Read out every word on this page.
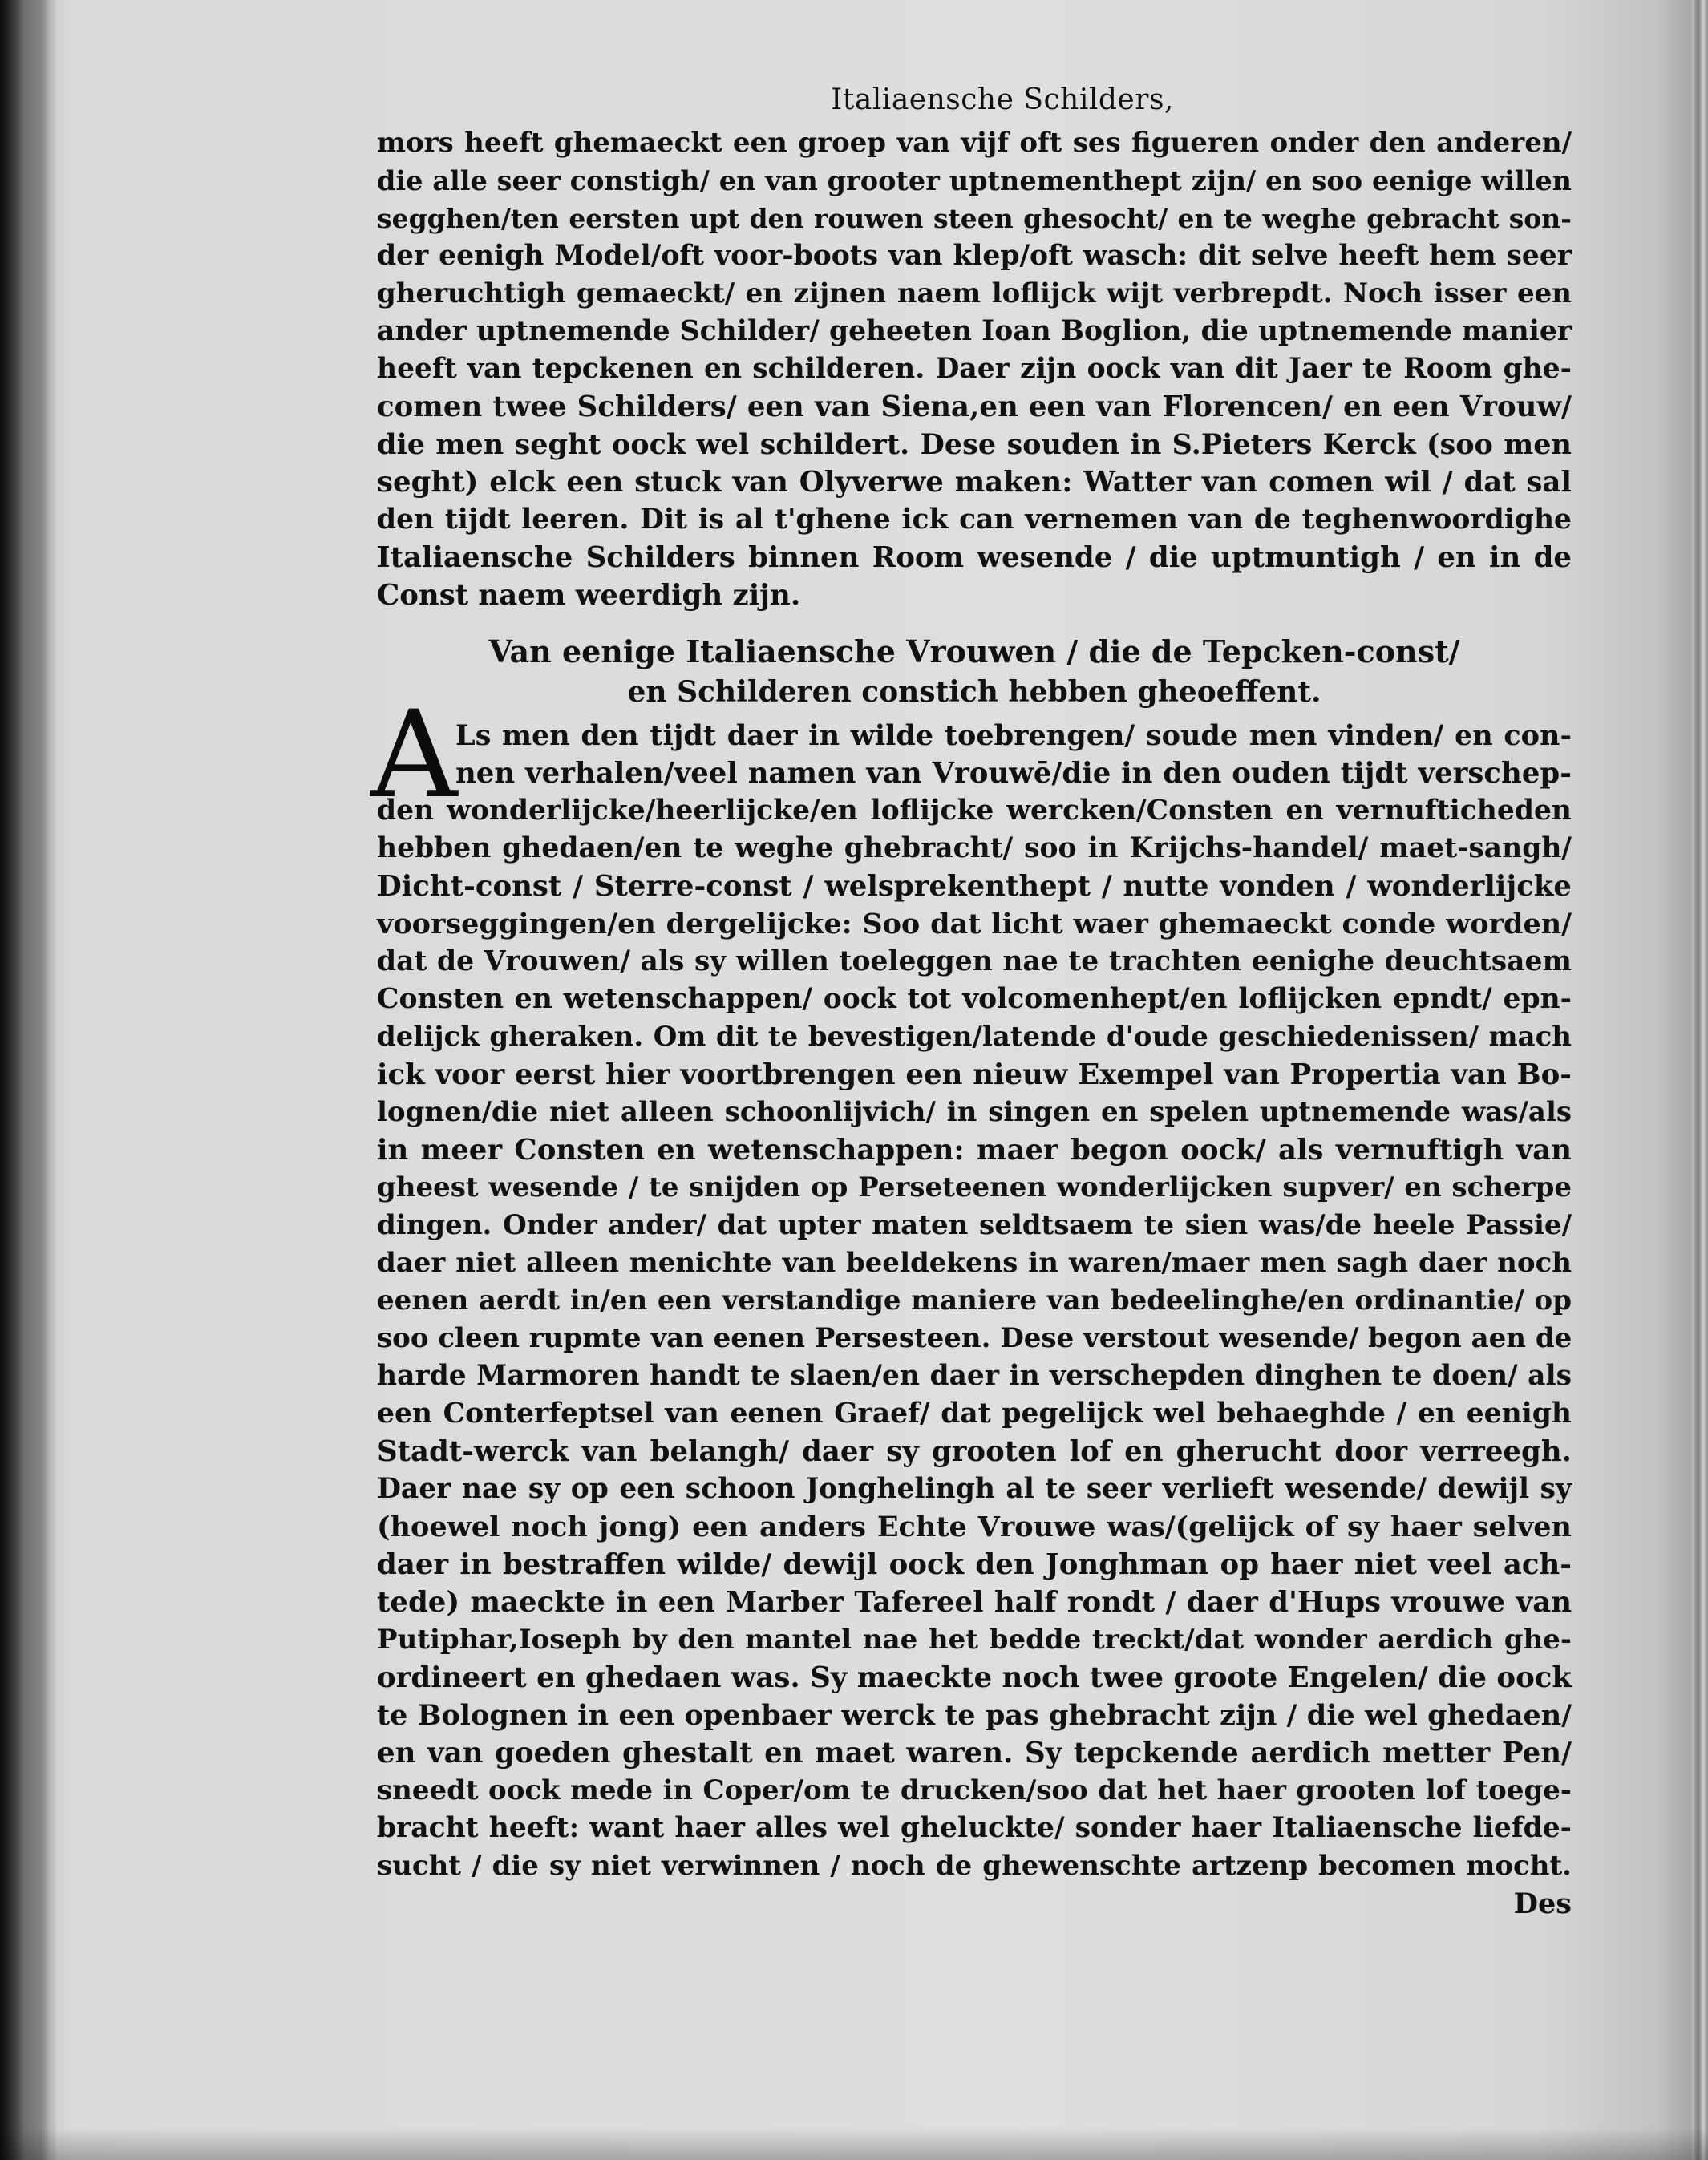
Italiaensche Schilders,
mors heeft ghemaeckt een groep van vijf oft ses figueren onder den anderen/
die alle seer constigh/ en van grooter uptnementhept zijn/ en soo eenige willen
segghen/ten eersten upt den rouwen steen ghesocht/ en te weghe gebracht son-
der eenigh Model/oft voor-boots van klep/oft wasch: dit selve heeft hem seer
gheruchtigh gemaeckt/ en zijnen naem loflijck wijt verbrepdt. Noch isser een
ander uptnemende Schilder/ geheeten Ioan Boglion, die uptnemende manier
heeft van tepckenen en schilderen. Daer zijn oock van dit Jaer te Room ghe-
comen twee Schilders/ een van Siena,en een van Florencen/ en een Vrouw/
die men seght oock wel schildert. Dese souden in S.Pieters Kerck (soo men
seght) elck een stuck van Olyverwe maken: Watter van comen wil / dat sal
den tijdt leeren. Dit is al t'ghene ick can vernemen van de teghenwoordighe
Italiaensche Schilders binnen Room wesende / die uptmuntigh / en in de
Const naem weerdigh zijn.
Van eenige Italiaensche Vrouwen / die de Tepcken-const/
en Schilderen constich hebben gheoeffent.
A
Ls men den tijdt daer in wilde toebrengen/ soude men vinden/ en con-
nen verhalen/veel namen van Vrouwē/die in den ouden tijdt verschep-
den wonderlijcke/heerlijcke/en loflijcke wercken/Consten en vernufticheden
hebben ghedaen/en te weghe ghebracht/ soo in Krijchs-handel/ maet-sangh/
Dicht-const / Sterre-const / welsprekenthept / nutte vonden / wonderlijcke
voorseggingen/en dergelijcke: Soo dat licht waer ghemaeckt conde worden/
dat de Vrouwen/ als sy willen toeleggen nae te trachten eenighe deuchtsaem
Consten en wetenschappen/ oock tot volcomenhept/en loflijcken epndt/ epn-
delijck gheraken. Om dit te bevestigen/latende d'oude geschiedenissen/ mach
ick voor eerst hier voortbrengen een nieuw Exempel van Propertia van Bo-
lognen/die niet alleen schoonlijvich/ in singen en spelen uptnemende was/als
in meer Consten en wetenschappen: maer begon oock/ als vernuftigh van
gheest wesende / te snijden op Perseteenen wonderlijcken supver/ en scherpe
dingen. Onder ander/ dat upter maten seldtsaem te sien was/de heele Passie/
daer niet alleen menichte van beeldekens in waren/maer men sagh daer noch
eenen aerdt in/en een verstandige maniere van bedeelinghe/en ordinantie/ op
soo cleen rupmte van eenen Persesteen. Dese verstout wesende/ begon aen de
harde Marmoren handt te slaen/en daer in verschepden dinghen te doen/ als
een Conterfeptsel van eenen Graef/ dat pegelijck wel behaeghde / en eenigh
Stadt-werck van belangh/ daer sy grooten lof en gherucht door verreegh.
Daer nae sy op een schoon Jonghelingh al te seer verlieft wesende/ dewijl sy
(hoewel noch jong) een anders Echte Vrouwe was/(gelijck of sy haer selven
daer in bestraffen wilde/ dewijl oock den Jonghman op haer niet veel ach-
tede) maeckte in een Marber Tafereel half rondt / daer d'Hups vrouwe van
Putiphar,Ioseph by den mantel nae het bedde treckt/dat wonder aerdich ghe-
ordineert en ghedaen was. Sy maeckte noch twee groote Engelen/ die oock
te Bolognen in een openbaer werck te pas ghebracht zijn / die wel ghedaen/
en van goeden ghestalt en maet waren. Sy tepckende aerdich metter Pen/
sneedt oock mede in Coper/om te drucken/soo dat het haer grooten lof toege-
bracht heeft: want haer alles wel gheluckte/ sonder haer Italiaensche liefde-
sucht / die sy niet verwinnen / noch de ghewenschte artzenp becomen mocht.
Des
